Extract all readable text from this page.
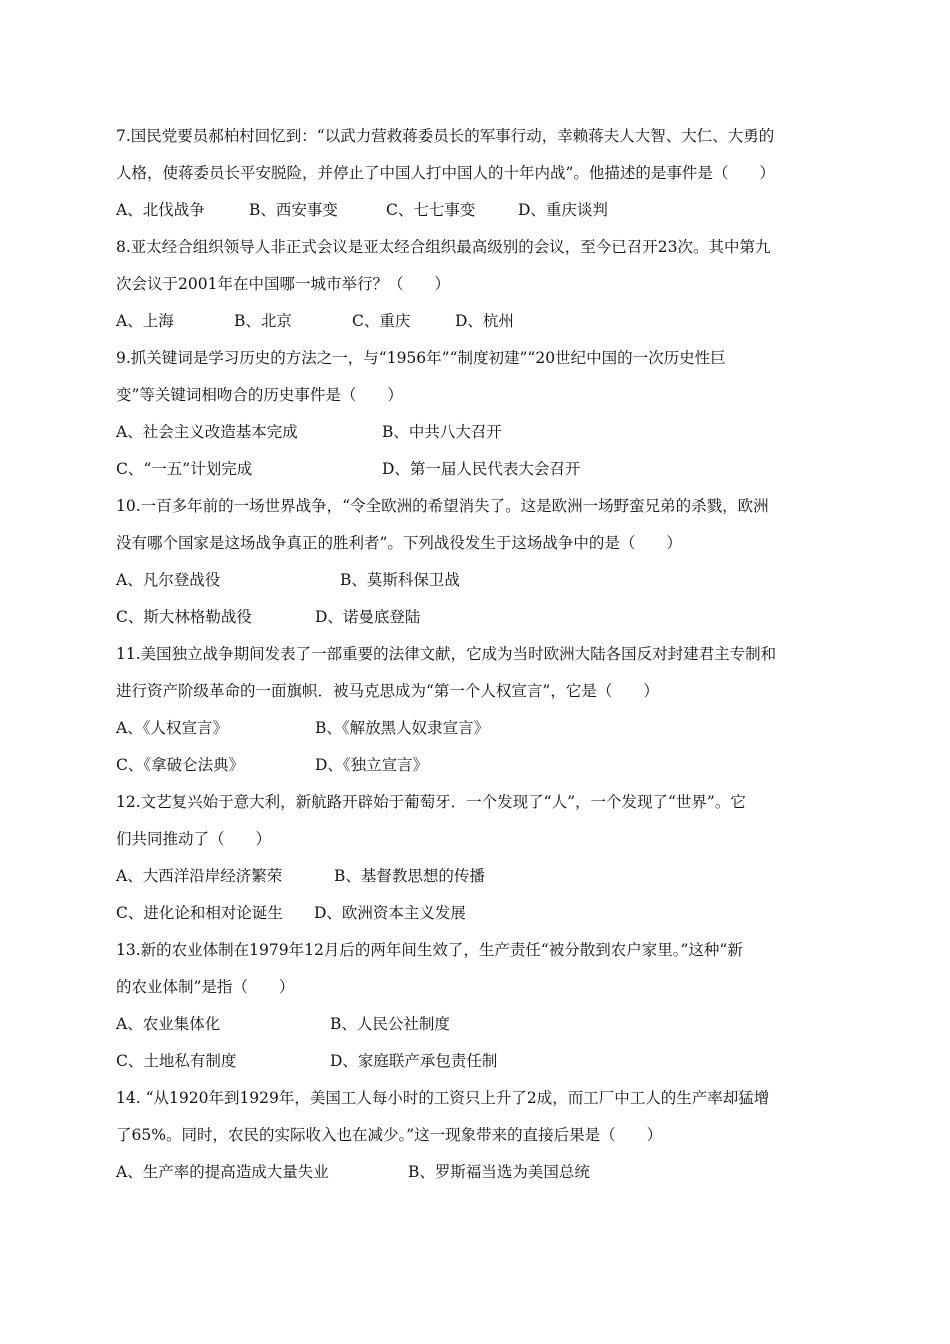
7.国民党要员郝柏村回忆到：“以武力营救蒋委员长的军事行动，幸赖蒋夫人大智、大仁、大勇的
人格，使蒋委员长平安脱险，并停止了中国人打中国人的十年内战”。他描述的是事件是（　　）
A、北伐战争	B、西安事变	C、七七事变	D、重庆谈判
8.亚太经合组织领导人非正式会议是亚太经合组织最高级别的会议，至今已召开23次。其中第九
次会议于2001年在中国哪一城市举行？（　　）
A、上海	B、北京	C、重庆	D、杭州
9.抓关键词是学习历史的方法之一，与“1956年”“制度初建”“20世纪中国的一次历史性巨
变”等关键词相吻合的历史事件是（　　）
A、社会主义改造基本完成	B、中共八大召开
C、“一五”计划完成	D、第一届人民代表大会召开
10.一百多年前的一场世界战争，“令全欧洲的希望消失了。这是欧洲一场野蛮兄弟的杀戮，欧洲
没有哪个国家是这场战争真正的胜利者”。下列战役发生于这场战争中的是（　　）
A、凡尔登战役	B、莫斯科保卫战
C、斯大林格勒战役	D、诺曼底登陆
11.美国独立战争期间发表了一部重要的法律文献，它成为当时欧洲大陆各国反对封建君主专制和
进行资产阶级革命的一面旗帜．被马克思成为“第一个人权宣言”，它是（　　）
A、《人权宣言》	B、《解放黑人奴隶宣言》
C、《拿破仑法典》	D、《独立宣言》
12.文艺复兴始于意大利，新航路开辟始于葡萄牙．一个发现了“人”，一个发现了“世界”。它
们共同推动了（　　）
A、大西洋沿岸经济繁荣	B、基督教思想的传播
C、进化论和相对论诞生	D、欧洲资本主义发展
13.新的农业体制在1979年12月后的两年间生效了，生产责任“被分散到农户家里。”这种“新
的农业体制”是指（　　）
A、农业集体化	B、人民公社制度
C、土地私有制度	D、家庭联产承包责任制
14. “从1920年到1929年，美国工人每小时的工资只上升了2成，而工厂中工人的生产率却猛增
了65%。同时，农民的实际收入也在减少。”这一现象带来的直接后果是（　　）
A、生产率的提高造成大量失业	B、罗斯福当选为美国总统
